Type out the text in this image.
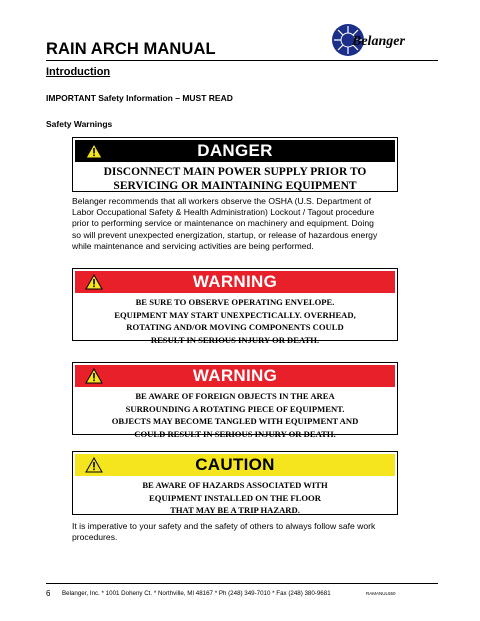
Belanger
RAIN ARCH MANUAL
Introduction
IMPORTANT Safety Information – MUST READ
Safety Warnings
DANGER
DISCONNECT MAIN POWER SUPPLY PRIOR TO
SERVICING OR MAINTAINING EQUIPMENT
Belanger recommends that all workers observe the OSHA (U.S. Department of
Labor Occupational Safety & Health Administration) Lockout / Tagout procedure
prior to performing service or maintenance on machinery and equipment. Doing
so will prevent unexpected energization, startup, or release of hazardous energy
while maintenance and servicing activities are being performed.
WARNING
BE SURE TO OBSERVE OPERATING ENVELOPE.
EQUIPMENT MAY START UNEXPECTICALLY. OVERHEAD,
ROTATING AND/OR MOVING COMPONENTS COULD
RESULT IN SERIOUS INJURY OR DEATH.
WARNING
BE AWARE OF FOREIGN OBJECTS IN THE AREA
SURROUNDING A ROTATING PIECE OF EQUIPMENT.
OBJECTS MAY BECOME TANGLED WITH EQUIPMENT AND
COULD RESULT IN SERIOUS INJURY OR DEATH.
CAUTION
BE AWARE OF HAZARDS ASSOCIATED WITH
EQUIPMENT INSTALLED ON THE FLOOR
THAT MAY BE A TRIP HAZARD.
It is imperative to your safety and the safety of others to always follow safe work
procedures.
6 Belanger, Inc. * 1001 Doheny Ct. * Northville, MI 48167 * Ph (248) 349-7010 * Fax (248) 380-9681	RAMANUL650
